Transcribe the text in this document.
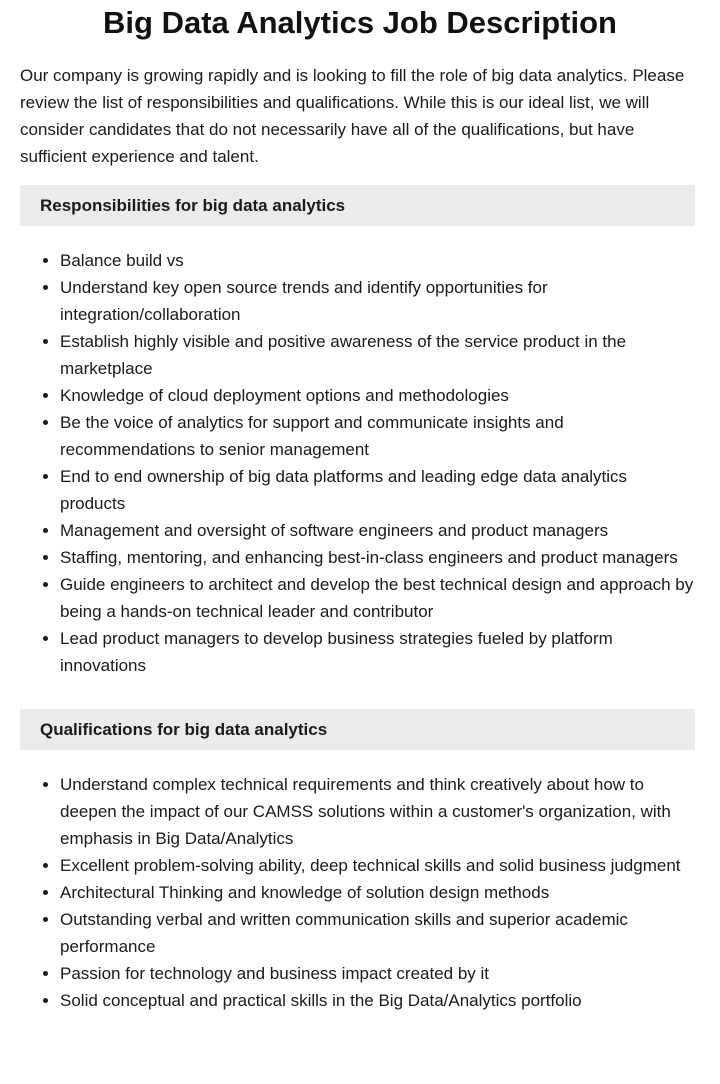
Big Data Analytics Job Description

Our company is growing rapidly and is looking to fill the role of big data analytics. Please review the list of responsibilities and qualifications. While this is our ideal list, we will consider candidates that do not necessarily have all of the qualifications, but have sufficient experience and talent.

Responsibilities for big data analytics
• Balance build vs
• Understand key open source trends and identify opportunities for integration/collaboration
• Establish highly visible and positive awareness of the service product in the marketplace
• Knowledge of cloud deployment options and methodologies
• Be the voice of analytics for support and communicate insights and recommendations to senior management
• End to end ownership of big data platforms and leading edge data analytics products
• Management and oversight of software engineers and product managers
• Staffing, mentoring, and enhancing best-in-class engineers and product managers
• Guide engineers to architect and develop the best technical design and approach by being a hands-on technical leader and contributor
• Lead product managers to develop business strategies fueled by platform innovations
Qualifications for big data analytics
• Understand complex technical requirements and think creatively about how to deepen the impact of our CAMSS solutions within a customer's organization, with emphasis in Big Data/Analytics
• Excellent problem-solving ability, deep technical skills and solid business judgment
• Architectural Thinking and knowledge of solution design methods
• Outstanding verbal and written communication skills and superior academic performance
• Passion for technology and business impact created by it
• Solid conceptual and practical skills in the Big Data/Analytics portfolio
